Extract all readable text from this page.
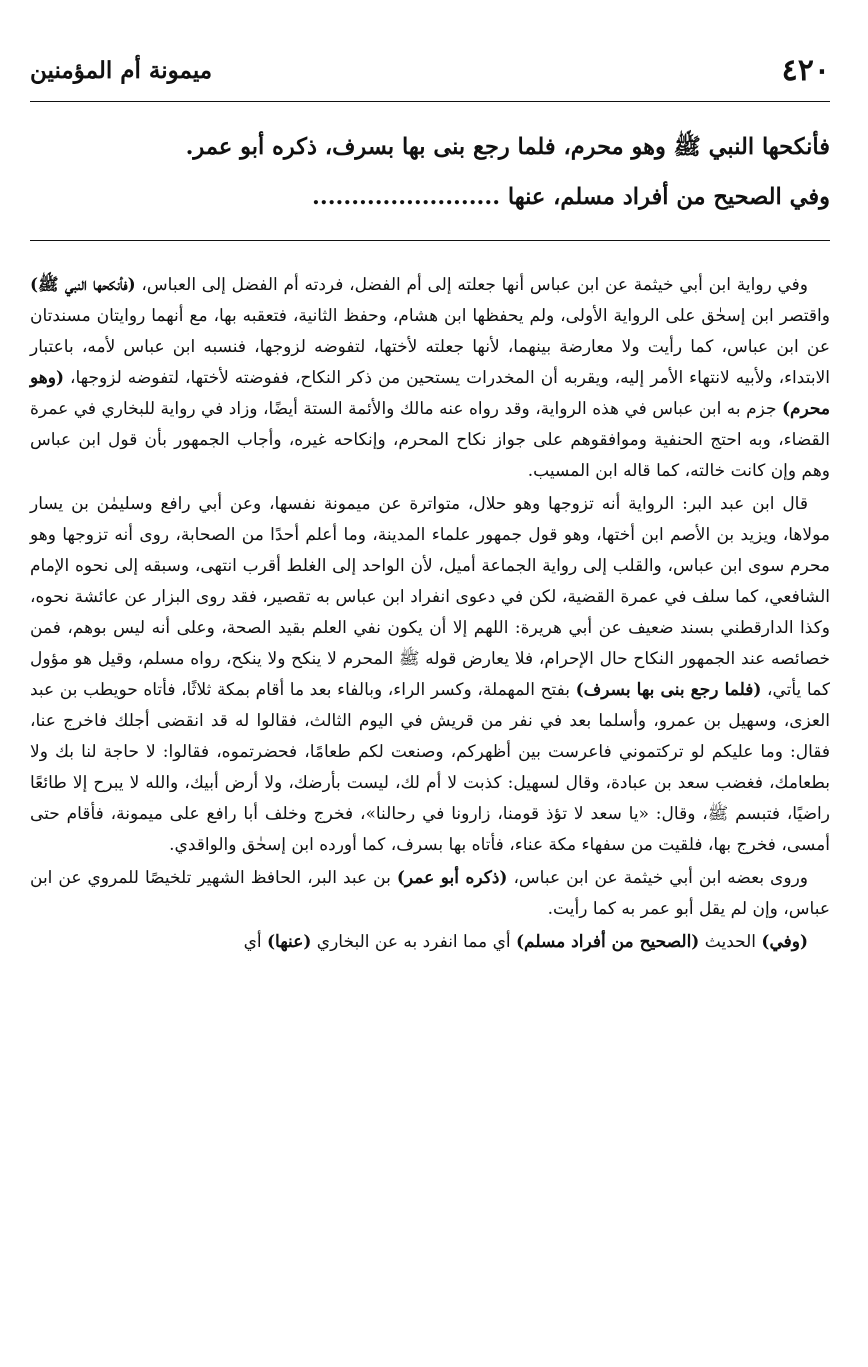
٤٢٠
ميمونة أم المؤمنين
فأنكحها النبي ﷺ وهو محرم، فلما رجع بنى بها بسرف، ذكره أبو عمر.
وفي الصحيح من أفراد مسلم، عنها ........................

وفي رواية ابن أبي خيثمة عن ابن عباس أنها جعلته إلى أم الفضل، فردته أم الفضل إلى العباس، (فأنكحها النبي ﷺ) واقتصر ابن إسحٰق على الرواية الأولى، ولم يحفظها ابن هشام، وحفظ الثانية، فتعقبه بها، مع أنهما روايتان مسندتان عن ابن عباس، كما رأيت ولا معارضة بينهما، لأنها جعلته لأختها، لتفوضه لزوجها، فنسبه ابن عباس لأمه، باعتبار الابتداء، ولأبيه لانتهاء الأمر إليه، ويقربه أن المخدرات يستحين من ذكر النكاح، ففوضته لأختها، لتفوضه لزوجها، (وهو محرم) جزم به ابن عباس في هذه الرواية، وقد رواه عنه مالك والأئمة الستة أيضًا، وزاد في رواية للبخاري في عمرة القضاء، وبه احتج الحنفية وموافقوهم على جواز نكاح المحرم، وإنكاحه غيره، وأجاب الجمهور بأن قول ابن عباس وهم وإن كانت خالته، كما قاله ابن المسيب.

قال ابن عبد البر: الرواية أنه تزوجها وهو حلال، متواترة عن ميمونة نفسها، وعن أبي رافع وسليمٰن بن يسار مولاها، ويزيد بن الأصم ابن أختها، وهو قول جمهور علماء المدينة، وما أعلم أحدًا من الصحابة، روى أنه تزوجها وهو محرم سوى ابن عباس، والقلب إلى رواية الجماعة أميل، لأن الواحد إلى الغلط أقرب انتهى، وسبقه إلى نحوه الإمام الشافعي، كما سلف في عمرة القضية، لكن في دعوى انفراد ابن عباس به تقصير، فقد روى البزار عن عائشة نحوه، وكذا الدارقطني بسند ضعيف عن أبي هريرة: اللهم إلا أن يكون نفي العلم بقيد الصحة، وعلى أنه ليس بوهم، فمن خصائصه عند الجمهور النكاح حال الإحرام، فلا يعارض قوله ﷺ المحرم لا ينكح ولا ينكح، رواه مسلم، وقيل هو مؤول كما يأتي، (فلما رجع بنى بها بسرف) بفتح المهملة، وكسر الراء، وبالفاء بعد ما أقام بمكة ثلاثًا، فأتاه حويطب بن عبد العزى، وسهيل بن عمرو، وأسلما بعد في نفر من قريش في اليوم الثالث، فقالوا له قد انقضى أجلك فاخرج عنا، فقال: وما عليكم لو تركتموني فاعرست بين أظهركم، وصنعت لكم طعامًا، فحضرتموه، فقالوا: لا حاجة لنا بك ولا بطعامك، فغضب سعد بن عبادة، وقال لسهيل: كذبت لا أم لك، ليست بأرضك، ولا أرض أبيك، والله لا يبرح إلا طائعًا راضيًا، فتبسم ﷺ، وقال: «يا سعد لا تؤذ قومنا، زارونا في رحالنا»، فخرج وخلف أبا رافع على ميمونة، فأقام حتى أمسى، فخرج بها، فلقيت من سفهاء مكة عناء، فأتاه بها بسرف، كما أورده ابن إسحٰق والواقدي.

وروى بعضه ابن أبي خيثمة عن ابن عباس، (ذكره أبو عمر) بن عبد البر، الحافظ الشهير تلخيصًا للمروي عن ابن عباس، وإن لم يقل أبو عمر به كما رأيت.

(وفي) الحديث (الصحيح من أفراد مسلم) أي مما انفرد به عن البخاري (عنها) أي
